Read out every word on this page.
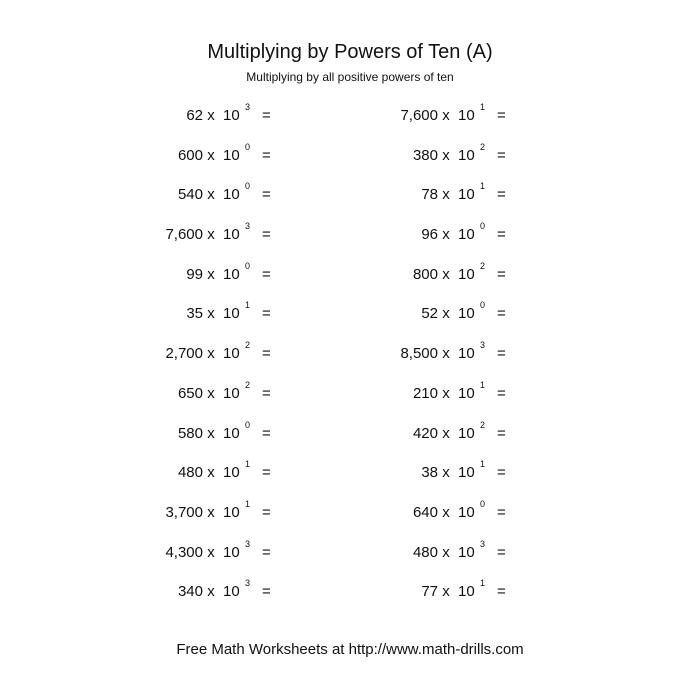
Multiplying by Powers of Ten (A)
Multiplying by all positive powers of ten
62 x 10 3 =	7,600 x 10 1 =
600 x 10 0 =	380 x 10 2 =
540 x 10 0 =	78 x 10 1 =
7,600 x 10 3 =	96 x 10 0 =
99 x 10 0 =	800 x 10 2 =
35 x 10 1 =	52 x 10 0 =
2,700 x 10 2 =	8,500 x 10 3 =
650 x 10 2 =	210 x 10 1 =
580 x 10 0 =	420 x 10 2 =
480 x 10 1 =	38 x 10 1 =
3,700 x 10 1 =	640 x 10 0 =
4,300 x 10 3 =	480 x 10 3 =
340 x 10 3 =	77 x 10 1 =
Free Math Worksheets at http://www.math-drills.com
